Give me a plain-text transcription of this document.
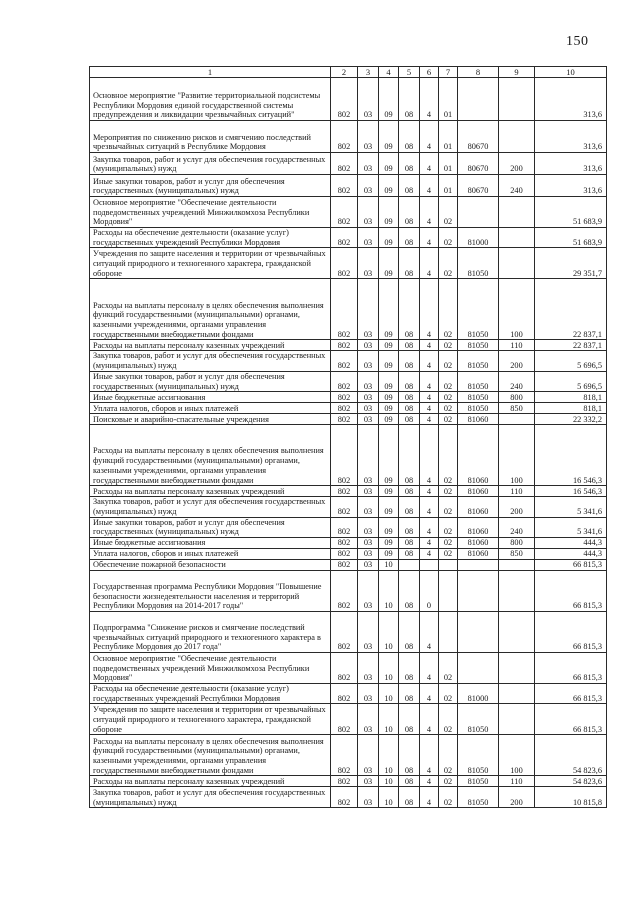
150
1	2	3	4	5	6	7	8	9	10
Основное мероприятие "Развитие территориальной подсистемы Республики Мордовия единой государственной системы предупреждения и ликвидации чрезвычайных ситуаций"	802	03	09	08	4	01			313,6
Мероприятия по снижению рисков и смягчению последствий чрезвычайных ситуаций в Республике Мордовия	802	03	09	08	4	01	80670		313,6
Закупка товаров, работ и услуг для обеспечения государственных (муниципальных) нужд	802	03	09	08	4	01	80670	200	313,6
Иные закупки товаров, работ и услуг для обеспечения государственных (муниципальных) нужд	802	03	09	08	4	01	80670	240	313,6
Основное мероприятие "Обеспечение деятельности подведомственных учреждений Минжилкомхоза Республики Мордовия"	802	03	09	08	4	02			51 683,9
Расходы на обеспечение деятельности (оказание услуг) государственных учреждений Республики Мордовия	802	03	09	08	4	02	81000		51 683,9
Учреждения по защите населения и территории от чрезвычайных ситуаций природного и техногенного характера, гражданской обороне	802	03	09	08	4	02	81050		29 351,7
Расходы на выплаты персоналу в целях обеспечения выполнения функций государственными (муниципальными) органами, казенными учреждениями, органами управления государственными внебюджетными фондами	802	03	09	08	4	02	81050	100	22 837,1
Расходы на выплаты персоналу казенных учреждений	802	03	09	08	4	02	81050	110	22 837,1
Закупка товаров, работ и услуг для обеспечения государственных (муниципальных) нужд	802	03	09	08	4	02	81050	200	5 696,5
Иные закупки товаров, работ и услуг для обеспечения государственных (муниципальных) нужд	802	03	09	08	4	02	81050	240	5 696,5
Иные бюджетные ассигнования	802	03	09	08	4	02	81050	800	818,1
Уплата налогов, сборов и иных платежей	802	03	09	08	4	02	81050	850	818,1
Поисковые и аварийно-спасательные учреждения	802	03	09	08	4	02	81060		22 332,2
Расходы на выплаты персоналу в целях обеспечения выполнения функций государственными (муниципальными) органами, казенными учреждениями, органами управления государственными внебюджетными фондами	802	03	09	08	4	02	81060	100	16 546,3
Расходы на выплаты персоналу казенных учреждений	802	03	09	08	4	02	81060	110	16 546,3
Закупка товаров, работ и услуг для обеспечения государственных (муниципальных) нужд	802	03	09	08	4	02	81060	200	5 341,6
Иные закупки товаров, работ и услуг для обеспечения государственных (муниципальных) нужд	802	03	09	08	4	02	81060	240	5 341,6
Иные бюджетные ассигнования	802	03	09	08	4	02	81060	800	444,3
Уплата налогов, сборов и иных платежей	802	03	09	08	4	02	81060	850	444,3
Обеспечение пожарной безопасности	802	03	10						66 815,3
Государственная программа Республики Мордовия "Повышение безопасности жизнедеятельности населения и территорий Республики Мордовия на 2014-2017 годы"	802	03	10	08	0				66 815,3
Подпрограмма "Снижение рисков и смягчение последствий чрезвычайных ситуаций природного и техногенного характера в Республике Мордовия до 2017 года"	802	03	10	08	4				66 815,3
Основное мероприятие "Обеспечение деятельности подведомственных учреждений Минжилкомхоза Республики Мордовия"	802	03	10	08	4	02			66 815,3
Расходы на обеспечение деятельности (оказание услуг) государственных учреждений Республики Мордовия	802	03	10	08	4	02	81000		66 815,3
Учреждения по защите населения и территории от чрезвычайных ситуаций природного и техногенного характера, гражданской обороне	802	03	10	08	4	02	81050		66 815,3
Расходы на выплаты персоналу в целях обеспечения выполнения функций государственными (муниципальными) органами, казенными учреждениями, органами управления государственными внебюджетными фондами	802	03	10	08	4	02	81050	100	54 823,6
Расходы на выплаты персоналу казенных учреждений	802	03	10	08	4	02	81050	110	54 823,6
Закупка товаров, работ и услуг для обеспечения государственных (муниципальных) нужд	802	03	10	08	4	02	81050	200	10 815,8
